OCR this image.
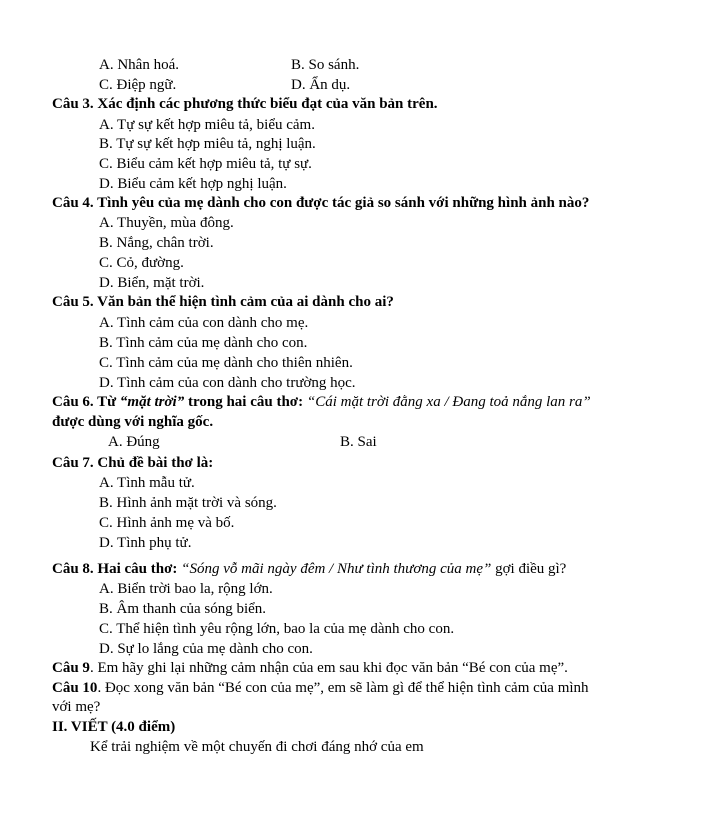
A. Nhân hoá.	B. So sánh.
C. Điệp ngữ.	D. Ẩn dụ.
Câu 3. Xác định các phương thức biểu đạt của văn bản trên.
A. Tự sự kết hợp miêu tả, biểu cảm.
B. Tự sự kết hợp miêu tả, nghị luận.
C. Biểu cảm kết hợp miêu tả, tự sự.
D. Biểu cảm kết hợp nghị luận.
Câu 4. Tình yêu của mẹ dành cho con được tác giả so sánh với những hình ảnh nào?
A. Thuyền, mùa đông.
B. Nắng, chân trời.
C. Cỏ, đường.
D. Biển, mặt trời.
Câu 5. Văn bản thể hiện tình cảm của ai dành cho ai?
A. Tình cảm của con dành cho mẹ.
B. Tình cảm của mẹ dành cho con.
C. Tình cảm của mẹ dành cho thiên nhiên.
D. Tình cảm của con dành cho trường học.
Câu 6. Từ “mặt trời” trong hai câu thơ: “Cái mặt trời đằng xa / Đang toả nắng lan ra”
được dùng với nghĩa gốc.
A. Đúng	B. Sai
Câu 7. Chủ đề bài thơ là:
A. Tình mẫu tử.
B. Hình ảnh mặt trời và sóng.
C. Hình ảnh mẹ và bố.
D. Tình phụ tử.
Câu 8. Hai câu thơ: “Sóng vỗ mãi ngày đêm / Như tình thương của mẹ” gợi điều gì?
A. Biển trời bao la, rộng lớn.
B. Âm thanh của sóng biển.
C. Thể hiện tình yêu rộng lớn, bao la của mẹ dành cho con.
D. Sự lo lắng của mẹ dành cho con.
Câu 9. Em hãy ghi lại những cảm nhận của em sau khi đọc văn bản “Bé con của mẹ”.
Câu 10. Đọc xong văn bản “Bé con của mẹ”, em sẽ làm gì để thể hiện tình cảm của mình
với mẹ?
II. VIẾT (4.0 điểm)
Kể trải nghiệm về một chuyến đi chơi đáng nhớ của em
